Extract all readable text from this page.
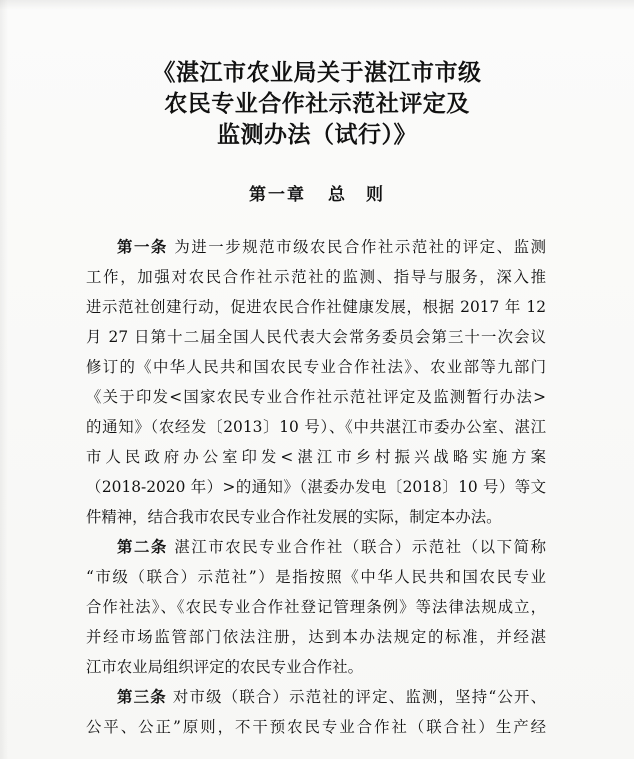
《湛江市农业局关于湛江市市级
农民专业合作社示范社评定及
监测办法（试行）》
第一章 总　则
第一条 为进一步规范市级农民合作社示范社的评定、监测
工作，加强对农民合作社示范社的监测、指导与服务，深入推
进示范社创建行动，促进农民合作社健康发展，根据 2017 年 12
月 27 日第十二届全国人民代表大会常务委员会第三十一次会议
修订的《中华人民共和国农民专业合作社法》、农业部等九部门
《关于印发<国家农民专业合作社示范社评定及监测暂行办法>
的通知》（农经发〔2013〕10 号）、《中共湛江市委办公室、湛江
市人民政府办公室印发<湛江市乡村振兴战略实施方案
（2018-2020 年）>的通知》（湛委办发电〔2018〕10 号）等文
件精神，结合我市农民专业合作社发展的实际，制定本办法。
第二条 湛江市农民专业合作社（联合）示范社（以下简称
“市级（联合）示范社”）是指按照《中华人民共和国农民专业
合作社法》、《农民专业合作社登记管理条例》等法律法规成立，
并经市场监管部门依法注册，达到本办法规定的标准，并经湛
江市农业局组织评定的农民专业合作社。
第三条 对市级（联合）示范社的评定、监测，坚持“公开、
公平、公正”原则，不干预农民专业合作社（联合社）生产经
